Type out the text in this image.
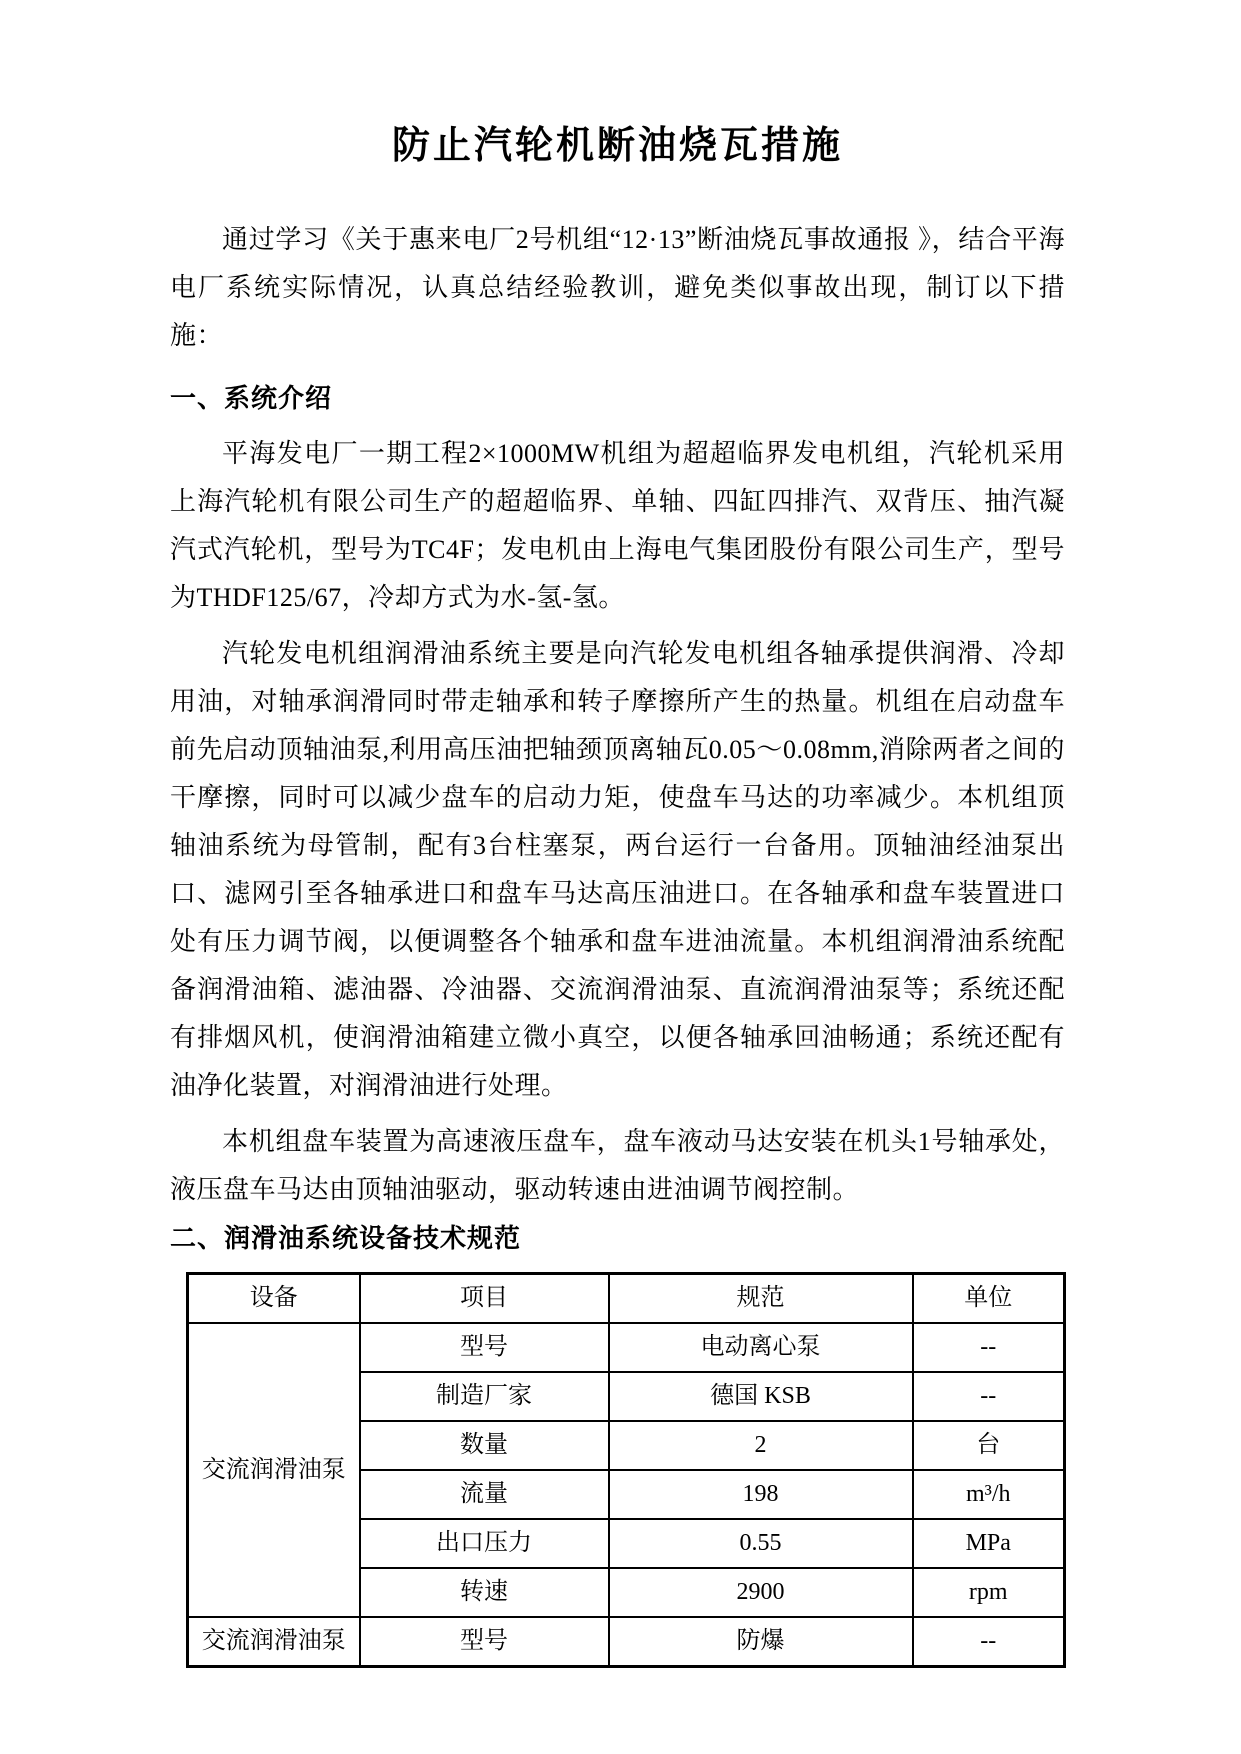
防止汽轮机断油烧瓦措施

通过学习《关于惠来电厂2号机组“12·13”断油烧瓦事故通报 》，结合平海电厂系统实际情况，认真总结经验教训，避免类似事故出现，制订以下措施：

一、系统介绍

平海发电厂一期工程2×1000MW机组为超超临界发电机组，汽轮机采用上海汽轮机有限公司生产的超超临界、单轴、四缸四排汽、双背压、抽汽凝汽式汽轮机，型号为TC4F；发电机由上海电气集团股份有限公司生产，型号为THDF125/67，冷却方式为水-氢-氢。

汽轮发电机组润滑油系统主要是向汽轮发电机组各轴承提供润滑、冷却用油，对轴承润滑同时带走轴承和转子摩擦所产生的热量。机组在启动盘车前先启动顶轴油泵,利用高压油把轴颈顶离轴瓦0.05～0.08mm,消除两者之间的干摩擦，同时可以减少盘车的启动力矩，使盘车马达的功率减少。本机组顶轴油系统为母管制，配有3台柱塞泵，两台运行一台备用。顶轴油经油泵出口、滤网引至各轴承进口和盘车马达高压油进口。在各轴承和盘车装置进口处有压力调节阀，以便调整各个轴承和盘车进油流量。本机组润滑油系统配备润滑油箱、滤油器、冷油器、交流润滑油泵、直流润滑油泵等；系统还配有排烟风机，使润滑油箱建立微小真空，以便各轴承回油畅通；系统还配有油净化装置，对润滑油进行处理。

本机组盘车装置为高速液压盘车，盘车液动马达安装在机头1号轴承处，液压盘车马达由顶轴油驱动，驱动转速由进油调节阀控制。

二、润滑油系统设备技术规范
设备	项目	规范	单位
交流润滑油泵	型号	电动离心泵	--
	制造厂家	德国 KSB	--
	数量	2	台
	流量	198	m³/h
	出口压力	0.55	MPa
	转速	2900	rpm
交流润滑油泵	型号	防爆	--
